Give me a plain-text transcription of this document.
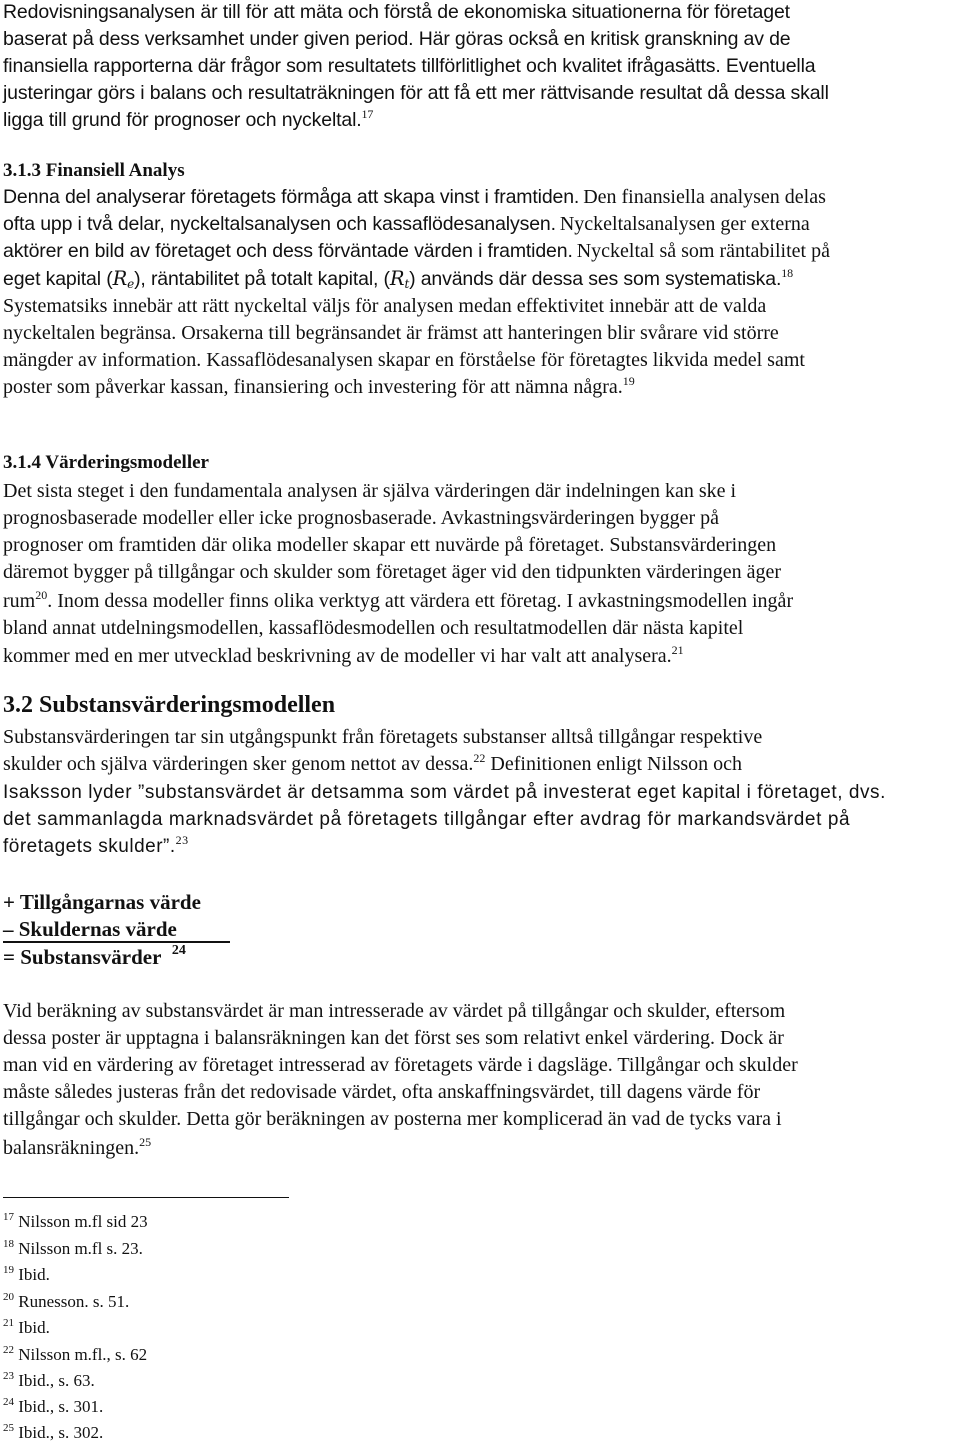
Redovisningsanalysen är till för att mäta och förstå de ekonomiska situationerna för företaget
baserat på dess verksamhet under given period. Här göras också en kritisk granskning av de
finansiella rapporterna där frågor som resultatets tillförlitlighet och kvalitet ifrågasätts. Eventuella
justeringar görs i balans och resultaträkningen för att få ett mer rättvisande resultat då dessa skall
ligga till grund för prognoser och nyckeltal.$^{17}$
3.1.3 Finansiell Analys
Denna del analyserar företagets förmåga att skapa vinst i framtiden. Den finansiella analysen delas
ofta upp i två delar, nyckeltalsanalysen och kassaflödesanalysen. Nyckeltalsanalysen ger externa
aktörer en bild av företaget och dess förväntade värden i framtiden. Nyckeltal så som räntabilitet på
eget kapital $(R_e)$, räntabilitet på totalt kapital, $(R_t)$ används där dessa ses som systematiska.$^{18}$
Systematsiks innebär att rätt nyckeltal väljs för analysen medan effektivitet innebär att de valda
nyckeltalen begränsa. Orsakerna till begränsandet är främst att hanteringen blir svårare vid större
mängder av information. Kassaflödesanalysen skapar en förståelse för företagtes likvida medel samt
poster som påverkar kassan, finansiering och investering för att nämna några.$^{19}$
3.1.4 Värderingsmodeller
Det sista steget i den fundamentala analysen är själva värderingen där indelningen kan ske i
prognosbaserade modeller eller icke prognosbaserade. Avkastningsvärderingen bygger på
prognoser om framtiden där olika modeller skapar ett nuvärde på företaget. Substansvärderingen
däremot bygger på tillgångar och skulder som företaget äger vid den tidpunkten värderingen äger
rum$^{20}$. Inom dessa modeller finns olika verktyg att värdera ett företag. I avkastningsmodellen ingår
bland annat utdelningsmodellen, kassaflödesmodellen och resultatmodellen där nästa kapitel
kommer med en mer utvecklad beskrivning av de modeller vi har valt att analysera.$^{21}$
3.2 Substansvärderingsmodellen
Substansvärderingen tar sin utgångspunkt från företagets substanser alltså tillgångar respektive
skulder och själva värderingen sker genom nettot av dessa.$^{22}$ Definitionen enligt Nilsson och
Isaksson lyder ”substansvärdet är detsamma som värdet på investerat eget kapital i företaget, dvs.
det sammanlagda marknadsvärdet på företagets tillgångar efter avdrag för markandsvärdet på
företagets skulder”.$^{23}$
+ Tillgångarnas värde
– Skuldernas värde
= Substansvärder $^{24}$
Vid beräkning av substansvärdet är man intresserade av värdet på tillgångar och skulder, eftersom
dessa poster är upptagna i balansräkningen kan det först ses som relativt enkel värdering. Dock är
man vid en värdering av företaget intresserad av företagets värde i dagsläge. Tillgångar och skulder
måste således justeras från det redovisade värdet, ofta anskaffningsvärdet, till dagens värde för
tillgångar och skulder. Detta gör beräkningen av posterna mer komplicerad än vad de tycks vara i
balansräkningen.$^{25}$
$^{17}$ Nilsson m.fl sid 23
$^{18}$ Nilsson m.fl s. 23.
$^{19}$ Ibid.
$^{20}$ Runesson. s. 51.
$^{21}$ Ibid.
$^{22}$ Nilsson m.fl., s. 62
$^{23}$ Ibid., s. 63.
$^{24}$ Ibid., s. 301.
$^{25}$ Ibid., s. 302.
